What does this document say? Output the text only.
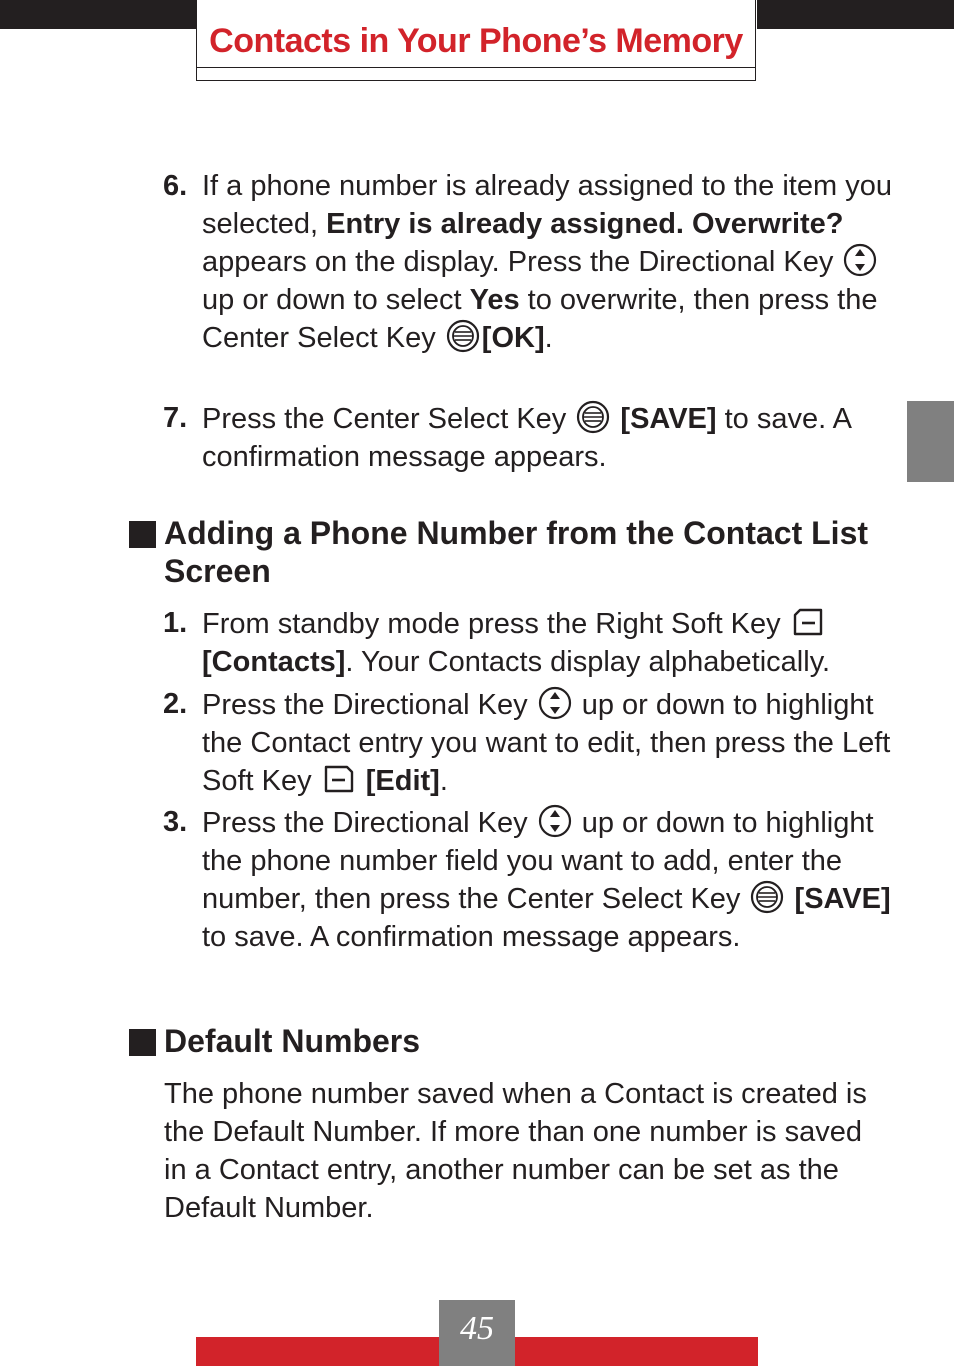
Contacts in Your Phone’s Memory
6. If a phone number is already assigned to the item you selected, Entry is already assigned. Overwrite? appears on the display. Press the Directional Key  up or down to select Yes to overwrite, then press the Center Select Key [OK].
7. Press the Center Select Key  [SAVE] to save. A confirmation message appears.
Adding a Phone Number from the Contact List Screen
1. From standby mode press the Right Soft Key  [Contacts]. Your Contacts display alphabetically.
2. Press the Directional Key  up or down to highlight the Contact entry you want to edit, then press the Left Soft Key  [Edit].
3. Press the Directional Key  up or down to highlight the phone number field you want to add, enter the number, then press the Center Select Key  [SAVE] to save. A confirmation message appears.
Default Numbers
The phone number saved when a Contact is created is the Default Number. If more than one number is saved in a Contact entry, another number can be set as the Default Number.
45
